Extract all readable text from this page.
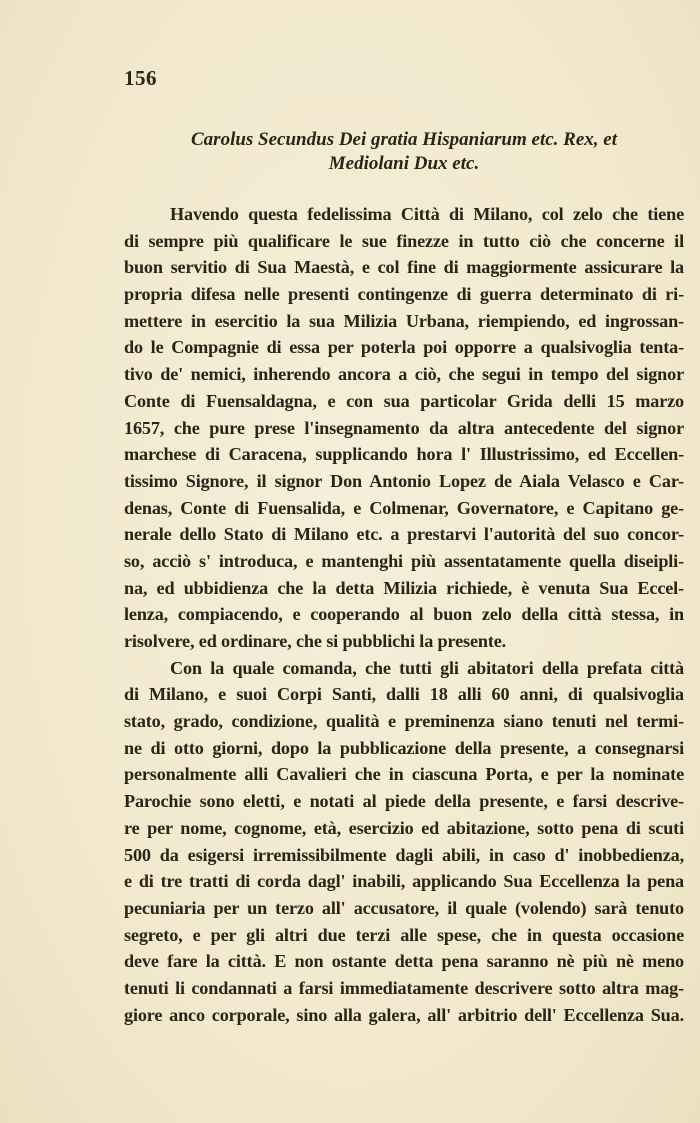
156
Carolus Secundus Dei gratia Hispaniarum etc. Rex, et
Mediolani Dux etc.
Havendo questa fedelissima Città di Milano, col zelo che tiene
di sempre più qualificare le sue finezze in tutto ciò che concerne il
buon servitio di Sua Maestà, e col fine di maggiormente assicurare la
propria difesa nelle presenti contingenze di guerra determinato di ri-
mettere in esercitio la sua Milizia Urbana, riempiendo, ed ingrossan-
do le Compagnie di essa per poterla poi opporre a qualsivoglia tenta-
tivo de' nemici, inherendo ancora a ciò, che segui in tempo del signor
Conte di Fuensaldagna, e con sua particolar Grida delli 15 marzo
1657, che pure prese l'insegnamento da altra antecedente del signor
marchese di Caracena, supplicando hora l' Illustrissimo, ed Eccellen-
tissimo Signore, il signor Don Antonio Lopez de Aiala Velasco e Car-
denas, Conte di Fuensalida, e Colmenar, Governatore, e Capitano ge-
nerale dello Stato di Milano etc. a prestarvi l'autorità del suo concor-
so, acciò s' introduca, e mantenghi più assentatamente quella diseipli-
na, ed ubbidienza che la detta Milizia richiede, è venuta Sua Eccel-
lenza, compiacendo, e cooperando al buon zelo della città stessa, in
risolvere, ed ordinare, che si pubblichi la presente.
Con la quale comanda, che tutti gli abitatori della prefata città
di Milano, e suoi Corpi Santi, dalli 18 alli 60 anni, di qualsivoglia
stato, grado, condizione, qualità e preminenza siano tenuti nel termi-
ne di otto giorni, dopo la pubblicazione della presente, a consegnarsi
personalmente alli Cavalieri che in ciascuna Porta, e per la nominate
Parochie sono eletti, e notati al piede della presente, e farsi descrive-
re per nome, cognome, età, esercizio ed abitazione, sotto pena di scuti
500 da esigersi irremissibilmente dagli abili, in caso d' inobbedienza,
e di tre tratti di corda dagl' inabili, applicando Sua Eccellenza la pena
pecuniaria per un terzo all' accusatore, il quale (volendo) sarà tenuto
segreto, e per gli altri due terzi alle spese, che in questa occasione
deve fare la città. E non ostante detta pena saranno nè più nè meno
tenuti li condannati a farsi immediatamente descrivere sotto altra mag-
giore anco corporale, sino alla galera, all' arbitrio dell' Eccellenza Sua.
